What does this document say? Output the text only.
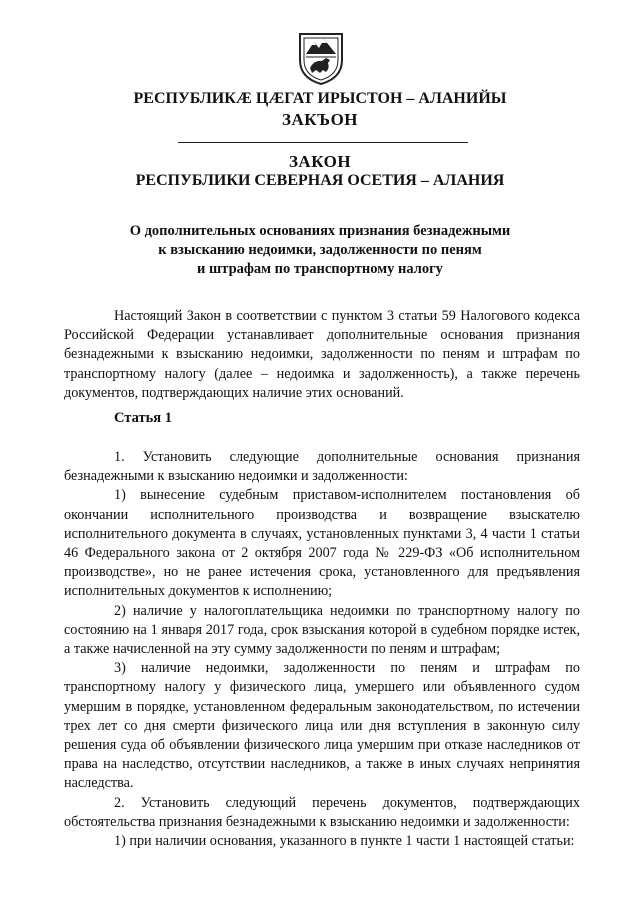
РЕСПУБЛИКӔ ЦӔГАТ ИРЫСТОН – АЛАНИЙЫ
ЗАКЪОН
ЗАКОН
РЕСПУБЛИКИ СЕВЕРНАЯ ОСЕТИЯ – АЛАНИЯ
О дополнительных основаниях признания безнадежными
к взысканию недоимки, задолженности по пеням
и штрафам по транспортному налогу

Настоящий Закон в соответствии с пунктом 3 статьи 59 Налогового кодекса Российской Федерации устанавливает дополнительные основания признания безнадежными к взысканию недоимки, задолженности по пеням и штрафам по транспортному налогу (далее – недоимка и задолженность), а также перечень документов, подтверждающих наличие этих оснований.

Статья 1

1. Установить следующие дополнительные основания признания безнадежными к взысканию недоимки и задолженности:

1) вынесение судебным приставом-исполнителем постановления об окончании исполнительного производства и возвращение взыскателю исполнительного документа в случаях, установленных пунктами 3, 4 части 1 статьи 46 Федерального закона от 2 октября 2007 года № 229-ФЗ «Об исполнительном производстве», но не ранее истечения срока, установленного для предъявления исполнительных документов к исполнению;

2) наличие у налогоплательщика недоимки по транспортному налогу по состоянию на 1 января 2017 года, срок взыскания которой в судебном порядке истек, а также начисленной на эту сумму задолженности по пеням и штрафам;

3) наличие недоимки, задолженности по пеням и штрафам по транспортному налогу у физического лица, умершего или объявленного судом умершим в порядке, установленном федеральным законодательством, по истечении трех лет со дня смерти физического лица или дня вступления в законную силу решения суда об объявлении физического лица умершим при отказе наследников от права на наследство, отсутствии наследников, а также в иных случаях непринятия наследства.

2. Установить следующий перечень документов, подтверждающих обстоятельства признания безнадежными к взысканию недоимки и задолженности:

1) при наличии основания, указанного в пункте 1 части 1 настоящей статьи:
